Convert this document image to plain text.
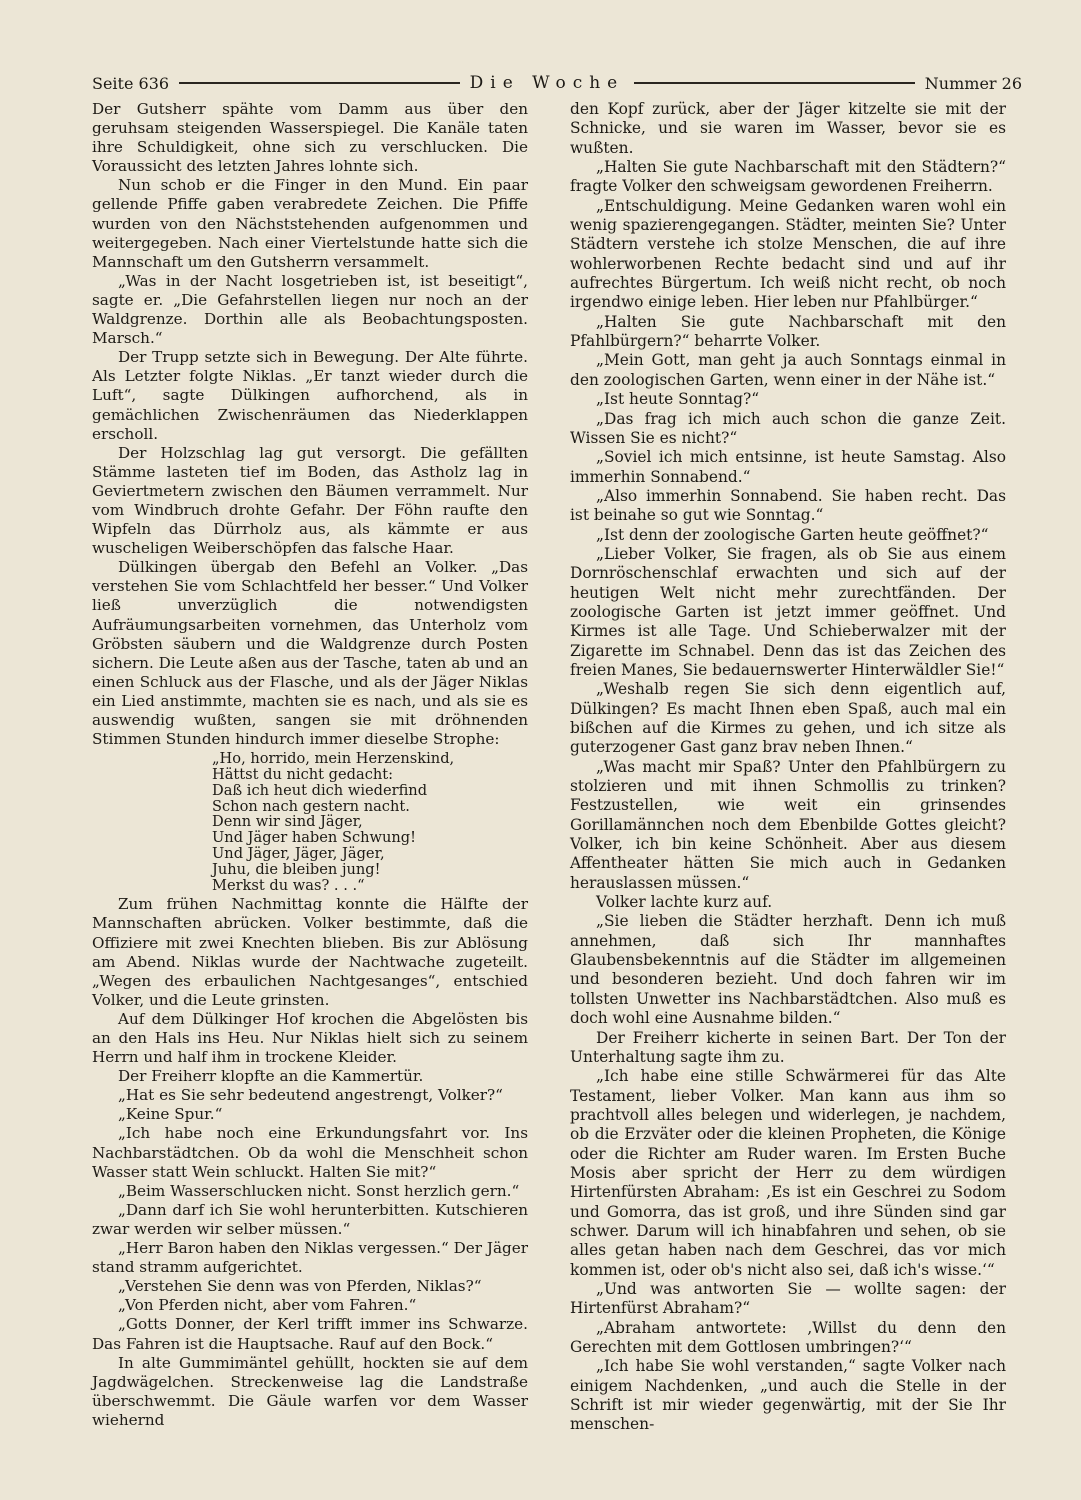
Seite 636	Die Woche	Nummer 26

Der Gutsherr spähte vom Damm aus über den geruhsam steigenden Wasserspiegel. Die Kanäle taten ihre Schuldigkeit, ohne sich zu verschlucken. Die Voraussicht des letzten Jahres lohnte sich.

Nun schob er die Finger in den Mund. Ein paar gellende Pfiffe gaben verabredete Zeichen. Die Pfiffe wurden von den Nächststehenden aufgenommen und weitergegeben. Nach einer Viertelstunde hatte sich die Mannschaft um den Gutsherrn versammelt.

„Was in der Nacht losgetrieben ist, ist beseitigt“, sagte er. „Die Gefahrstellen liegen nur noch an der Waldgrenze. Dorthin alle als Beobachtungsposten. Marsch.“

Der Trupp setzte sich in Bewegung. Der Alte führte. Als Letzter folgte Niklas. „Er tanzt wieder durch die Luft“, sagte Dülkingen aufhorchend, als in gemächlichen Zwischenräumen das Niederklappen erscholl.

Der Holzschlag lag gut versorgt. Die gefällten Stämme lasteten tief im Boden, das Astholz lag in Geviertmetern zwischen den Bäumen verrammelt. Nur vom Windbruch drohte Gefahr. Der Föhn raufte den Wipfeln das Dürrholz aus, als kämmte er aus wuscheligen Weiberschöpfen das falsche Haar.

Dülkingen übergab den Befehl an Volker. „Das verstehen Sie vom Schlachtfeld her besser.“ Und Volker ließ unverzüglich die notwendigsten Aufräumungsarbeiten vornehmen, das Unterholz vom Gröbsten säubern und die Waldgrenze durch Posten sichern. Die Leute aßen aus der Tasche, taten ab und an einen Schluck aus der Flasche, und als der Jäger Niklas ein Lied anstimmte, machten sie es nach, und als sie es auswendig wußten, sangen sie mit dröhnenden Stimmen Stunden hindurch immer dieselbe Strophe:

„Ho, horrido, mein Herzenskind,
Hättst du nicht gedacht:
Daß ich heut dich wiederfind
Schon nach gestern nacht.
Denn wir sind Jäger,
Und Jäger haben Schwung!
Und Jäger, Jäger, Jäger,
Juhu, die bleiben jung!
Merkst du was? . . .“

Zum frühen Nachmittag konnte die Hälfte der Mannschaften abrücken. Volker bestimmte, daß die Offiziere mit zwei Knechten blieben. Bis zur Ablösung am Abend. Niklas wurde der Nachtwache zugeteilt. „Wegen des erbaulichen Nachtgesanges“, entschied Volker, und die Leute grinsten.

Auf dem Dülkinger Hof krochen die Abgelösten bis an den Hals ins Heu. Nur Niklas hielt sich zu seinem Herrn und half ihm in trockene Kleider.

Der Freiherr klopfte an die Kammertür.

„Hat es Sie sehr bedeutend angestrengt, Volker?“

„Keine Spur.“

„Ich habe noch eine Erkundungsfahrt vor. Ins Nachbarstädtchen. Ob da wohl die Menschheit schon Wasser statt Wein schluckt. Halten Sie mit?“

„Beim Wasserschlucken nicht. Sonst herzlich gern.“

„Dann darf ich Sie wohl herunterbitten. Kutschieren zwar werden wir selber müssen.“

„Herr Baron haben den Niklas vergessen.“ Der Jäger stand stramm aufgerichtet.

„Verstehen Sie denn was von Pferden, Niklas?“

„Von Pferden nicht, aber vom Fahren.“

„Gotts Donner, der Kerl trifft immer ins Schwarze. Das Fahren ist die Hauptsache. Rauf auf den Bock.“

In alte Gummimäntel gehüllt, hockten sie auf dem Jagdwägelchen. Streckenweise lag die Landstraße überschwemmt. Die Gäule warfen vor dem Wasser wiehernd

den Kopf zurück, aber der Jäger kitzelte sie mit der Schnicke, und sie waren im Wasser, bevor sie es wußten.

„Halten Sie gute Nachbarschaft mit den Städtern?“ fragte Volker den schweigsam gewordenen Freiherrn.

„Entschuldigung. Meine Gedanken waren wohl ein wenig spazierengegangen. Städter, meinten Sie? Unter Städtern verstehe ich stolze Menschen, die auf ihre wohlerworbenen Rechte bedacht sind und auf ihr aufrechtes Bürgertum. Ich weiß nicht recht, ob noch irgendwo einige leben. Hier leben nur Pfahlbürger.“

„Halten Sie gute Nachbarschaft mit den Pfahlbürgern?“ beharrte Volker.

„Mein Gott, man geht ja auch Sonntags einmal in den zoologischen Garten, wenn einer in der Nähe ist.“

„Ist heute Sonntag?“

„Das frag ich mich auch schon die ganze Zeit. Wissen Sie es nicht?“

„Soviel ich mich entsinne, ist heute Samstag. Also immerhin Sonnabend.“

„Also immerhin Sonnabend. Sie haben recht. Das ist beinahe so gut wie Sonntag.“

„Ist denn der zoologische Garten heute geöffnet?“

„Lieber Volker, Sie fragen, als ob Sie aus einem Dornröschenschlaf erwachten und sich auf der heutigen Welt nicht mehr zurechtfänden. Der zoologische Garten ist jetzt immer geöffnet. Und Kirmes ist alle Tage. Und Schieberwalzer mit der Zigarette im Schnabel. Denn das ist das Zeichen des freien Manes, Sie bedauernswerter Hinterwäldler Sie!“

„Weshalb regen Sie sich denn eigentlich auf, Dülkingen? Es macht Ihnen eben Spaß, auch mal ein bißchen auf die Kirmes zu gehen, und ich sitze als guterzogener Gast ganz brav neben Ihnen.“

„Was macht mir Spaß? Unter den Pfahlbürgern zu stolzieren und mit ihnen Schmollis zu trinken? Festzustellen, wie weit ein grinsendes Gorillamännchen noch dem Ebenbilde Gottes gleicht? Volker, ich bin keine Schönheit. Aber aus diesem Affentheater hätten Sie mich auch in Gedanken herauslassen müssen.“

Volker lachte kurz auf.

„Sie lieben die Städter herzhaft. Denn ich muß annehmen, daß sich Ihr mannhaftes Glaubensbekenntnis auf die Städter im allgemeinen und besonderen bezieht. Und doch fahren wir im tollsten Unwetter ins Nachbarstädtchen. Also muß es doch wohl eine Ausnahme bilden.“

Der Freiherr kicherte in seinen Bart. Der Ton der Unterhaltung sagte ihm zu.

„Ich habe eine stille Schwärmerei für das Alte Testament, lieber Volker. Man kann aus ihm so prachtvoll alles belegen und widerlegen, je nachdem, ob die Erzväter oder die kleinen Propheten, die Könige oder die Richter am Ruder waren. Im Ersten Buche Mosis aber spricht der Herr zu dem würdigen Hirtenfürsten Abraham: ‚Es ist ein Geschrei zu Sodom und Gomorra, das ist groß, und ihre Sünden sind gar schwer. Darum will ich hinabfahren und sehen, ob sie alles getan haben nach dem Geschrei, das vor mich kommen ist, oder ob's nicht also sei, daß ich's wisse.‘“

„Und was antworten Sie — wollte sagen: der Hirtenfürst Abraham?“

„Abraham antwortete: ‚Willst du denn den Gerechten mit dem Gottlosen umbringen?‘“

„Ich habe Sie wohl verstanden,“ sagte Volker nach einigem Nachdenken, „und auch die Stelle in der Schrift ist mir wieder gegenwärtig, mit der Sie Ihr menschen-
